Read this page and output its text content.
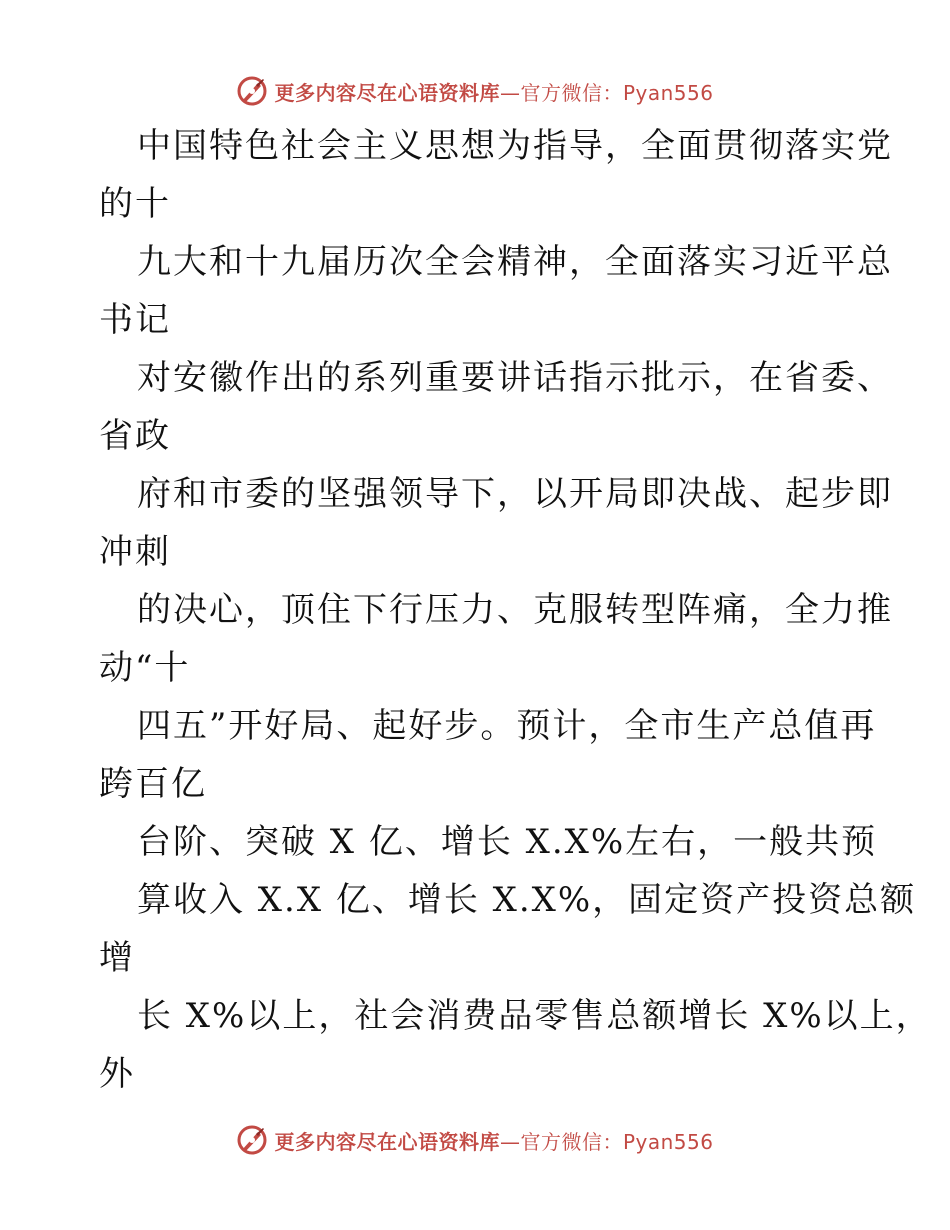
更多内容尽在心语资料库—官方微信：Pyan556
中国特色社会主义思想为指导，全面贯彻落实党
的十
九大和十九届历次全会精神，全面落实习近平总
书记
对安徽作出的系列重要讲话指示批示，在省委、
省政
府和市委的坚强领导下，以开局即决战、起步即
冲刺
的决心，顶住下行压力、克服转型阵痛，全力推
动“十
四五”开好局、起好步。预计，全市生产总值再
跨百亿
台阶、突破 X 亿、增长 X.X%左右，一般共预
算收入 X.X 亿、增长 X.X%，固定资产投资总额
增
长 X%以上，社会消费品零售总额增长 X%以上，
外
更多内容尽在心语资料库—官方微信：Pyan556
